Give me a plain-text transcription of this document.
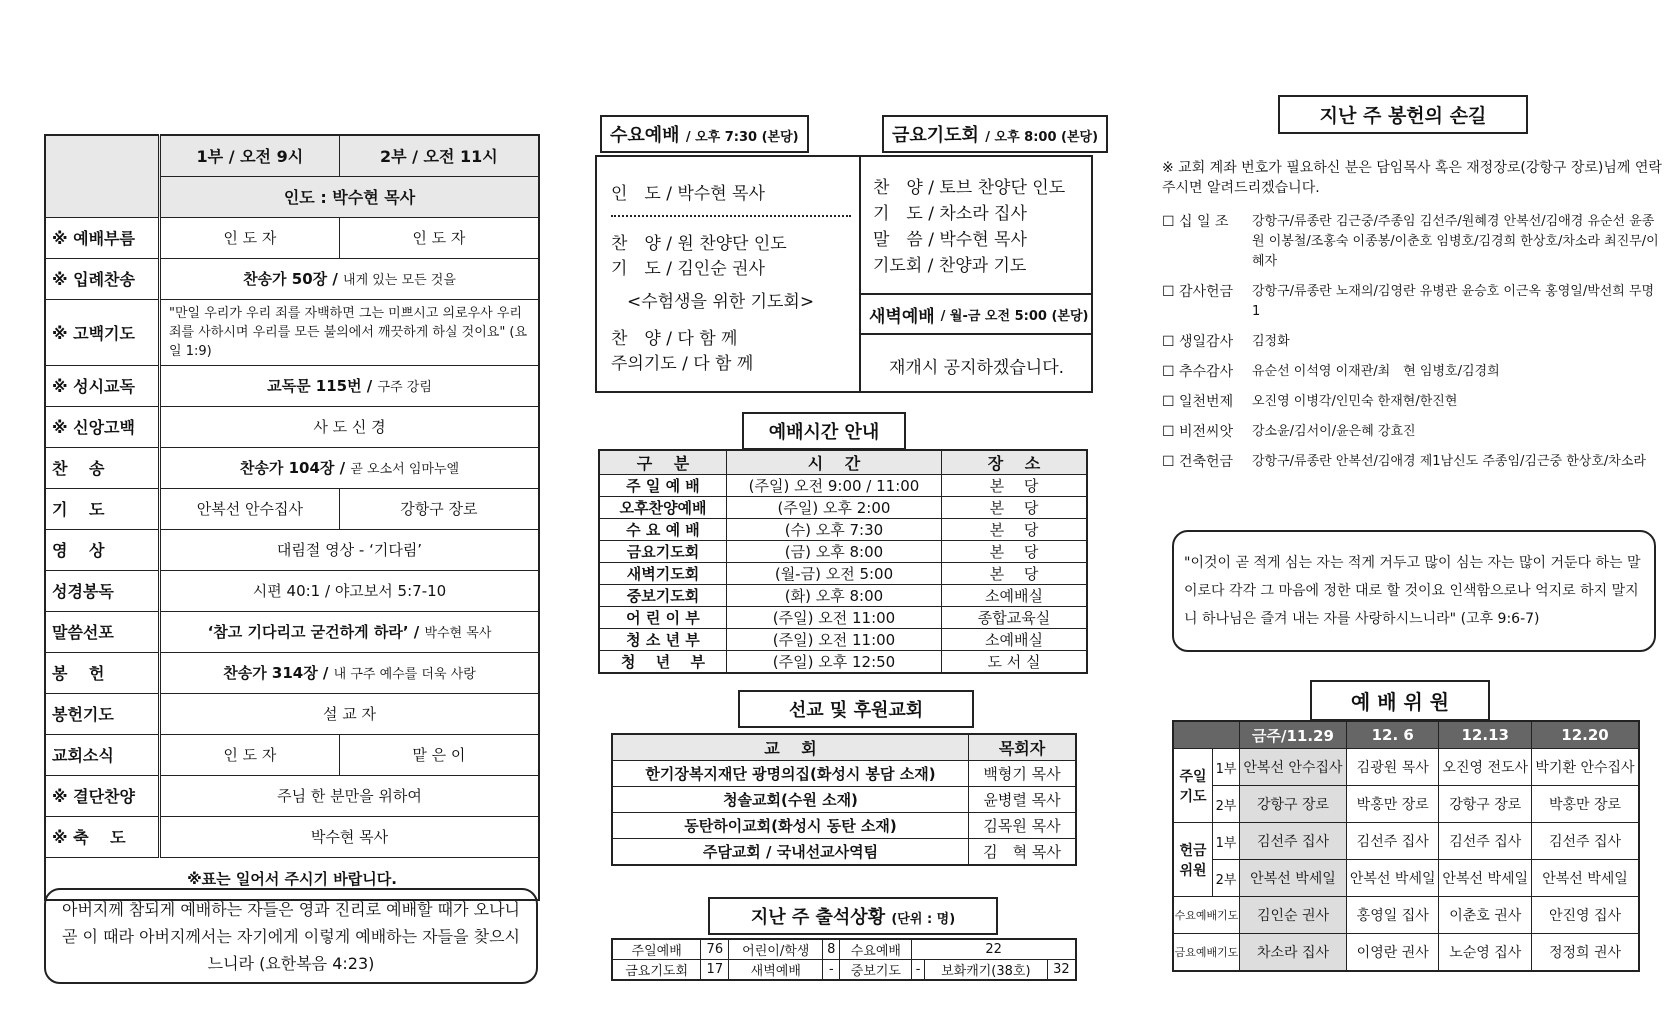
	1부 / 오전 9시	2부 / 오전 11시
	인도 : 박수현 목사	
※ 예배부름	인 도 자	인 도 자
※ 입례찬송	찬송가 50장 / 내게 있는 모든 것을	
※ 고백기도	"만일 우리가 우리 죄를 자백하면 그는 미쁘시고 의로우사 우리 죄를 사하시며 우리를 모든 불의에서 깨끗하게 하실 것이요" (요일 1:9)	
※ 성시교독	교독문 115번 / 구주 강림	
※ 신앙고백	사 도 신 경	
찬　 송	찬송가 104장 / 곧 오소서 임마누엘	
기　 도	안복선 안수집사	강항구 장로
영　 상	대림절 영상 - ‘기다림’	
성경봉독	시편 40:1 / 야고보서 5:7-10	
말씀선포	‘참고 기다리고 굳건하게 하라’ / 박수현 목사	
봉　 헌	찬송가 314장 / 내 구주 예수를 더욱 사랑	
봉헌기도	설 교 자	
교회소식	인 도 자	맡 은 이
※ 결단찬양	주님 한 분만을 위하여	
※ 축　 도	박수현 목사	
※표는 일어서 주시기 바랍니다.		
아버지께 참되게 예배하는 자들은 영과 진리로 예배할 때가 오나니 곧 이 때라 아버지께서는 자기에게 이렇게 예배하는 자들을 찾으시느니라 (요한복음 4:23)
수요예배 / 오후 7:30 (본당)	금요기도회 / 오후 8:00 (본당)
인　도 / 박수현 목사
찬　양 / 원 찬양단 인도
기　도 / 김인순 권사
<수험생을 위한 기도회>
찬　양 / 다 함 께
주의기도 / 다 함 께
찬　양 / 토브 찬양단 인도
기　도 / 차소라 집사
말　씀 / 박수현 목사
기도회 / 찬양과 기도
새벽예배
/ 월-금 오전 5:00 (본당)
재개시 공지하겠습니다.
예배시간 안내
구　 분	시　 간	장　 소
주 일 예 배	(주일) 오전 9:00 / 11:00	본　 당
오후찬양예배	(주일) 오후 2:00	본　 당
수 요 예 배	(수) 오후 7:30	본　 당
금요기도회	(금) 오후 8:00	본　 당
새벽기도회	(월-금) 오전 5:00	본　 당
중보기도회	(화) 오후 8:00	소예배실
어 린 이 부	(주일) 오전 11:00	종합교육실
청 소 년 부	(주일) 오전 11:00	소예배실
청　 년　 부	(주일) 오후 12:50	도 서 실
선교 및 후원교회
교　 회	목회자
한기장복지재단 광명의집(화성시 봉담 소재)	백형기 목사
청솔교회(수원 소재)	윤병렬 목사
동탄하이교회(화성시 동탄 소재)	김목원 목사
주담교회 / 국내선교사역팀	김　혁 목사
지난 주 출석상황 (단위 : 명)
주일예배	76	어린이/학생	8	수요예배	22		
금요기도회	17	새벽예배	-	중보기도	-	보화캐기(38호)	32
지난 주 봉헌의 손길
※ 교회 계좌 번호가 필요하신 분은 담임목사 혹은 재정장로(강항구 장로)님께 연락주시면 알려드리겠습니다.
☐ 십 일 조	강항구/류종란 김근중/주종임 김선주/원혜경 안복선/김애경 유순선 윤종원 이봉철/조홍숙 이종봉/이춘호 임병호/김경희 한상호/차소라 최진무/이혜자
☐ 감사헌금	강항구/류종란 노재의/김영란 유병관 윤승호 이근옥 홍영일/박선희 무명1
☐ 생일감사	김정화
☐ 추수감사	유순선 이석영 이재관/최　현 임병호/김경희
☐ 일천번제	오진영 이병각/인민숙 한재현/한진현
☐ 비전씨앗	강소윤/김서이/윤은혜 강효진
☐ 건축헌금	강항구/류종란 안복선/김애경 제1남신도 주종임/김근중 한상호/차소라
"이것이 곧 적게 심는 자는 적게 거두고 많이 심는 자는 많이 거둔다 하는 말이로다 각각 그 마음에 정한 대로 할 것이요 인색함으로나 억지로 하지 말지니 하나님은 즐겨 내는 자를 사랑하시느니라" (고후 9:6-7)
예 배 위 원
		금주/11.29	12. 6	12.13	12.20
주일기도	1부	안복선 안수집사	김광원 목사	오진영 전도사	박기환 안수집사
	2부	강항구 장로	박홍만 장로	강항구 장로	박홍만 장로
헌금위원	1부	김선주 집사	김선주 집사	김선주 집사	김선주 집사
	2부	안복선 박세일	안복선 박세일	안복선 박세일	안복선 박세일
수요예배기도		김인순 권사	홍영일 집사	이춘호 권사	안진영 집사
금요예배기도		차소라 집사	이영란 권사	노순영 집사	정정희 권사
